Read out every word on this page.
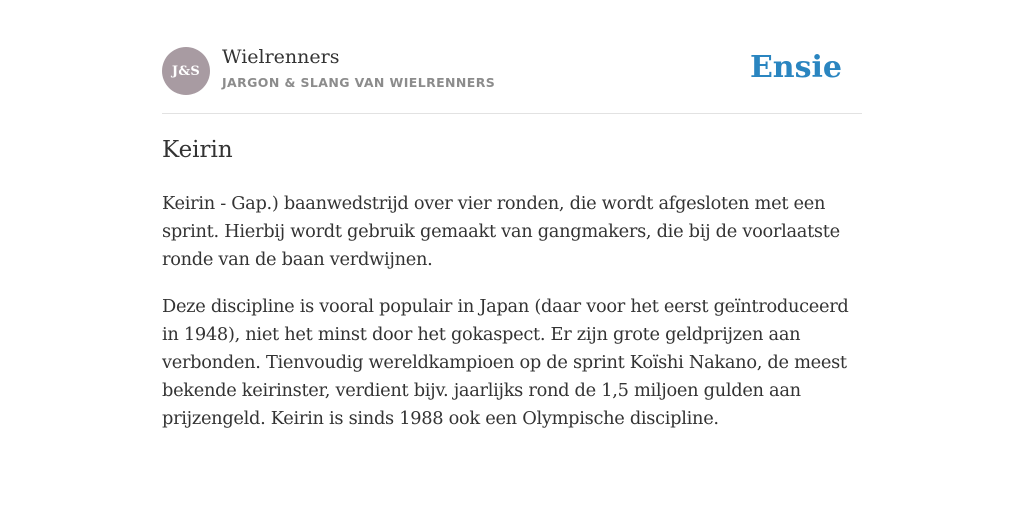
J&S
Wielrenners
JARGON & SLANG VAN WIELRENNERS	Ensie
Keirin

Keirin - Gap.) baanwedstrijd over vier ronden, die wordt afgesloten met een sprint. Hierbij wordt gebruik gemaakt van gangmakers, die bij de voorlaatste ronde van de baan verdwijnen.

Deze discipline is vooral populair in Japan (daar voor het eerst geïntroduceerd in 1948), niet het minst door het gokaspect. Er zijn grote geldprijzen aan verbonden. Tienvoudig wereldkampioen op de sprint Koïshi Nakano, de meest bekende keirinster, verdient bijv. jaarlijks rond de 1,5 miljoen gulden aan prijzengeld. Keirin is sinds 1988 ook een Olympische discipline.
